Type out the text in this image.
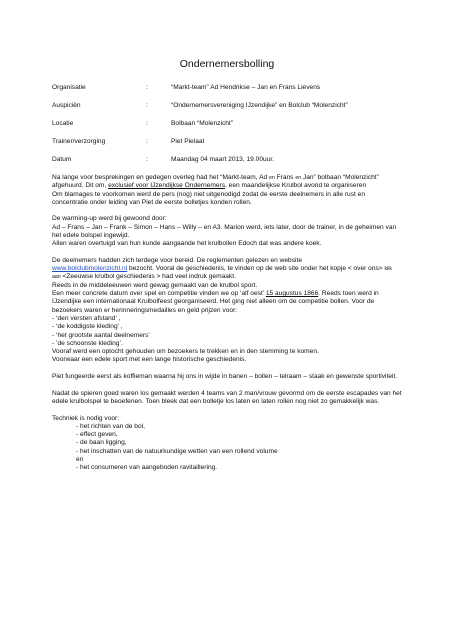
Ondernemersbolling
Organisatie	:	“Markt-team” Ad Hendrikse – Jan en Frans Lievens
Auspiciën	:	“Ondernemersvereniging IJzendijke” en Bolclub “Molenzicht”
Locatie	:	Bolbaan “Molenzicht”
Trainer/verzorging	:	Piet Pielaat
Datum	:	Maandag 04 maart 2013, 19.00uur.

Na lange voor besprekingen en gedegen overleg had het “Markt-team, Ad en Frans en Jan” bolbaan “Molenzicht” afgehuurd. Dit om, exclusief voor IJzendijkse Ondernemers, een maandelijkse Krulbol avond te organiseren
Om blamages te voorkomen werd de pers (nog) niet uitgenodigd zodat de eerste deelnemers in alle rust en concentratie onder leiding van Piet de eerste bolletjes konden rollen.

De warming-up werd bij gewoond door:
Ad – Frans – Jan – Frank – Simon – Hans – Willy – en A3. Marion werd, iets later, door de trainer, in de geheimen van het edele bolspel ingewijd.
Allen waren overtuigd van hun kunde aangaande het krulbollen Edoch dat was andere koek.

De deelnemers hadden zich terdege voor bereid. De reglementen gelezen en website
www.bolclubmolenzicht.nl bezocht. Vooral de geschiedenis, te vinden op de web site onder het kopje < over ons> klik aan <Zeeuwse krulbol geschiedenis > had veel indruk gemaakt.
Reeds in de middeleeuwen werd gewag gemaakt van de krulbol sport.
Een meer concrete datum over spel en competitie vinden we op ‘alf oest’ 15 augustus 1866. Reeds toen werd in IJzendijke een internationaal Krulbolfeest georganiseerd. Het ging niet alleen om de competitie bollen. Voor de bezoekers waren er herinneringsmedailles en geld prijzen voor:
- ‘den versten afstand’ ,
- ‘de koddigste kleding’ ,
- ‘het grootste aantal deelnemers’
- ’de schoonste kleding’.
Vooraf werd een optocht gehouden om bezoekers te trekken en in den stemming te komen.
Voorwaar een edele sport met een lange historische geschiedenis.

Piet fungeerde eerst als koffieman waarna hij ons in wijde in banen – bollen – telraam – staak en gewenste sportiviteit.

Nadat de spieren goed waren los gemaakt werden 4 teams van 2 man/vrouw gevormd om de eerste escapades van het edele krulbolspel te beoefenen. Toen bleek dat een bolletje los laten en laten rollen nog niet zo gemakkelijk was.

Techniek is nodig voor:
- het richten van de bol,
- effect geven,
- de baan ligging,
- het inschatten van de natuurkundige wetten van een rollend volume
en
- het consumeren van aangeboden ravitaillering.
